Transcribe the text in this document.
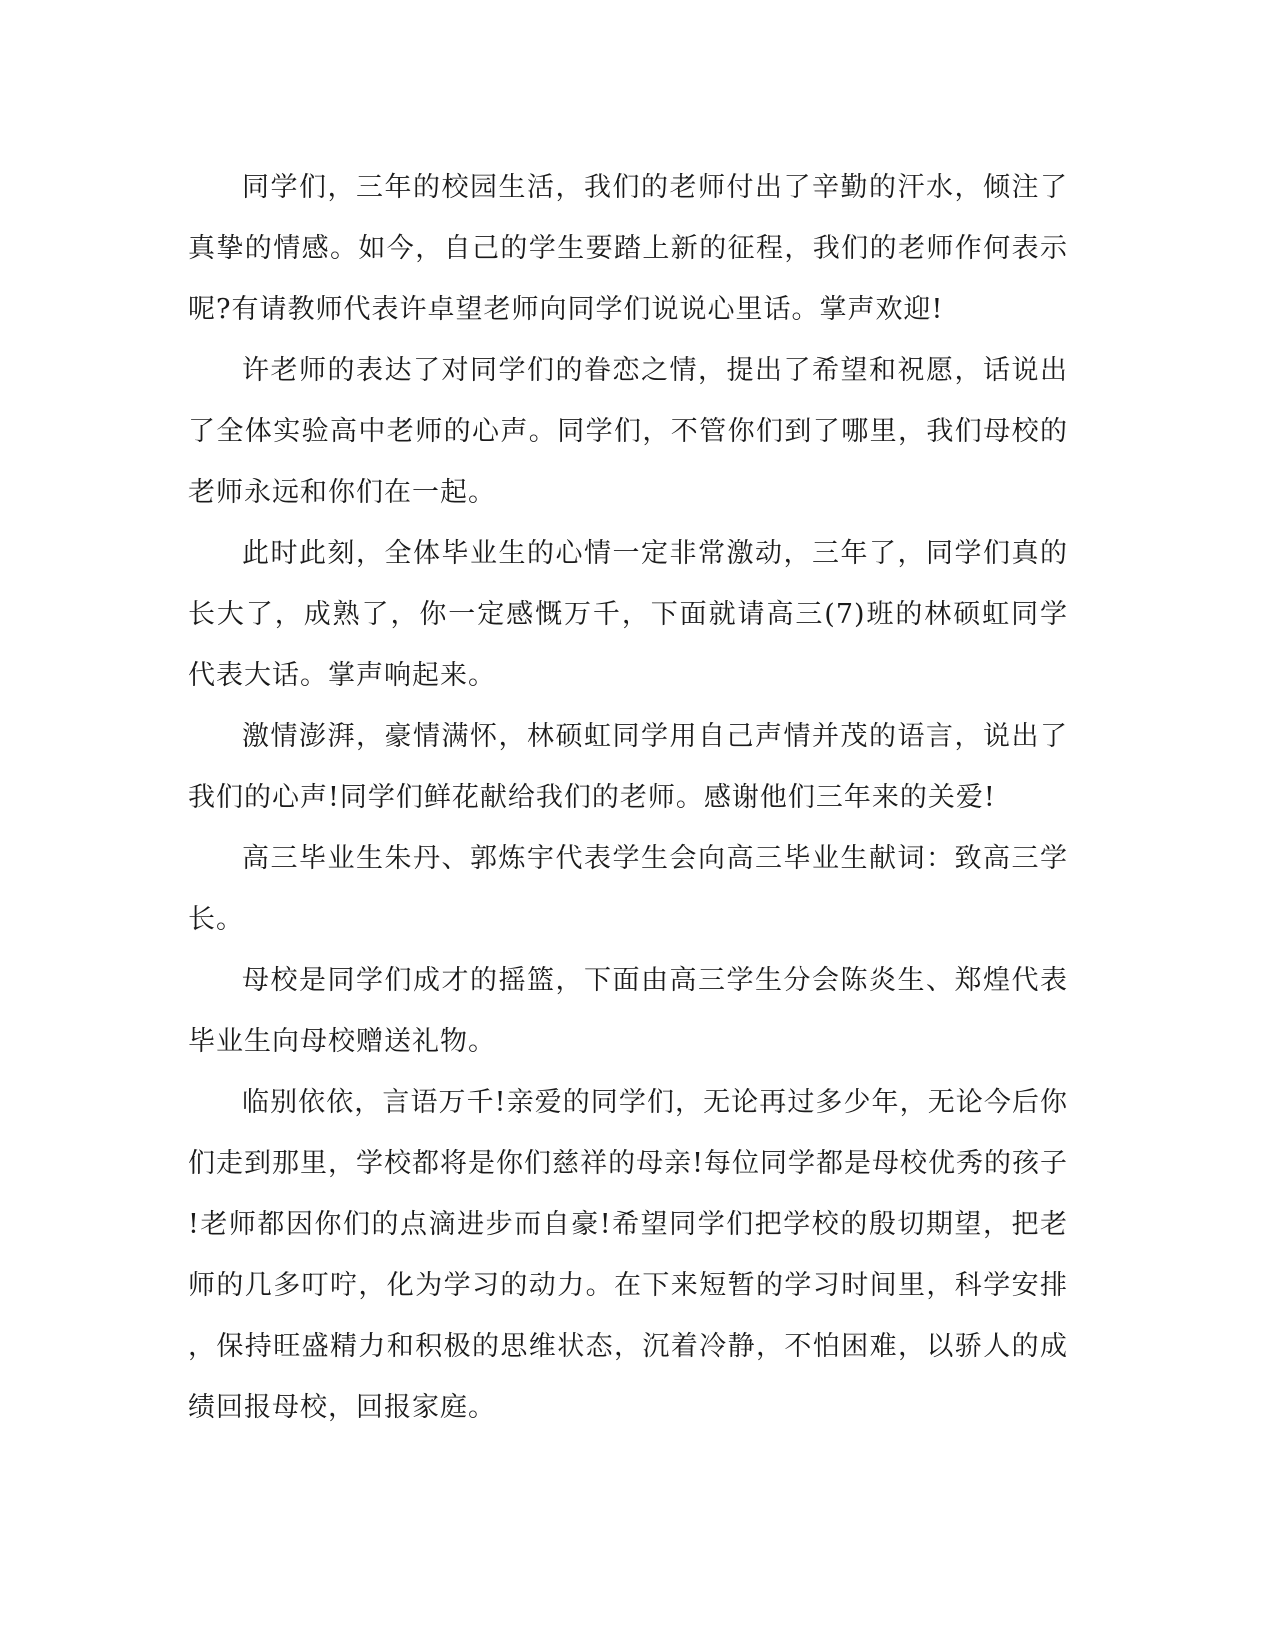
同学们，三年的校园生活，我们的老师付出了辛勤的汗水，倾注了真挚的情感。如今，自己的学生要踏上新的征程，我们的老师作何表示呢?有请教师代表许卓望老师向同学们说说心里话。掌声欢迎!

许老师的表达了对同学们的眷恋之情，提出了希望和祝愿，话说出了全体实验高中老师的心声。同学们，不管你们到了哪里，我们母校的老师永远和你们在一起。

此时此刻，全体毕业生的心情一定非常激动，三年了，同学们真的长大了，成熟了，你一定感慨万千，下面就请高三(7)班的林硕虹同学代表大话。掌声响起来。

激情澎湃，豪情满怀，林硕虹同学用自己声情并茂的语言，说出了我们的心声!同学们鲜花献给我们的老师。感谢他们三年来的关爱!

高三毕业生朱丹、郭炼宇代表学生会向高三毕业生献词：致高三学长。

母校是同学们成才的摇篮，下面由高三学生分会陈炎生、郑煌代表毕业生向母校赠送礼物。

临别依依，言语万千!亲爱的同学们，无论再过多少年，无论今后你们走到那里，学校都将是你们慈祥的母亲!每位同学都是母校优秀的孩子!老师都因你们的点滴进步而自豪!希望同学们把学校的殷切期望，把老师的几多叮咛，化为学习的动力。在下来短暂的学习时间里，科学安排，保持旺盛精力和积极的思维状态，沉着冷静，不怕困难，以骄人的成绩回报母校，回报家庭。
